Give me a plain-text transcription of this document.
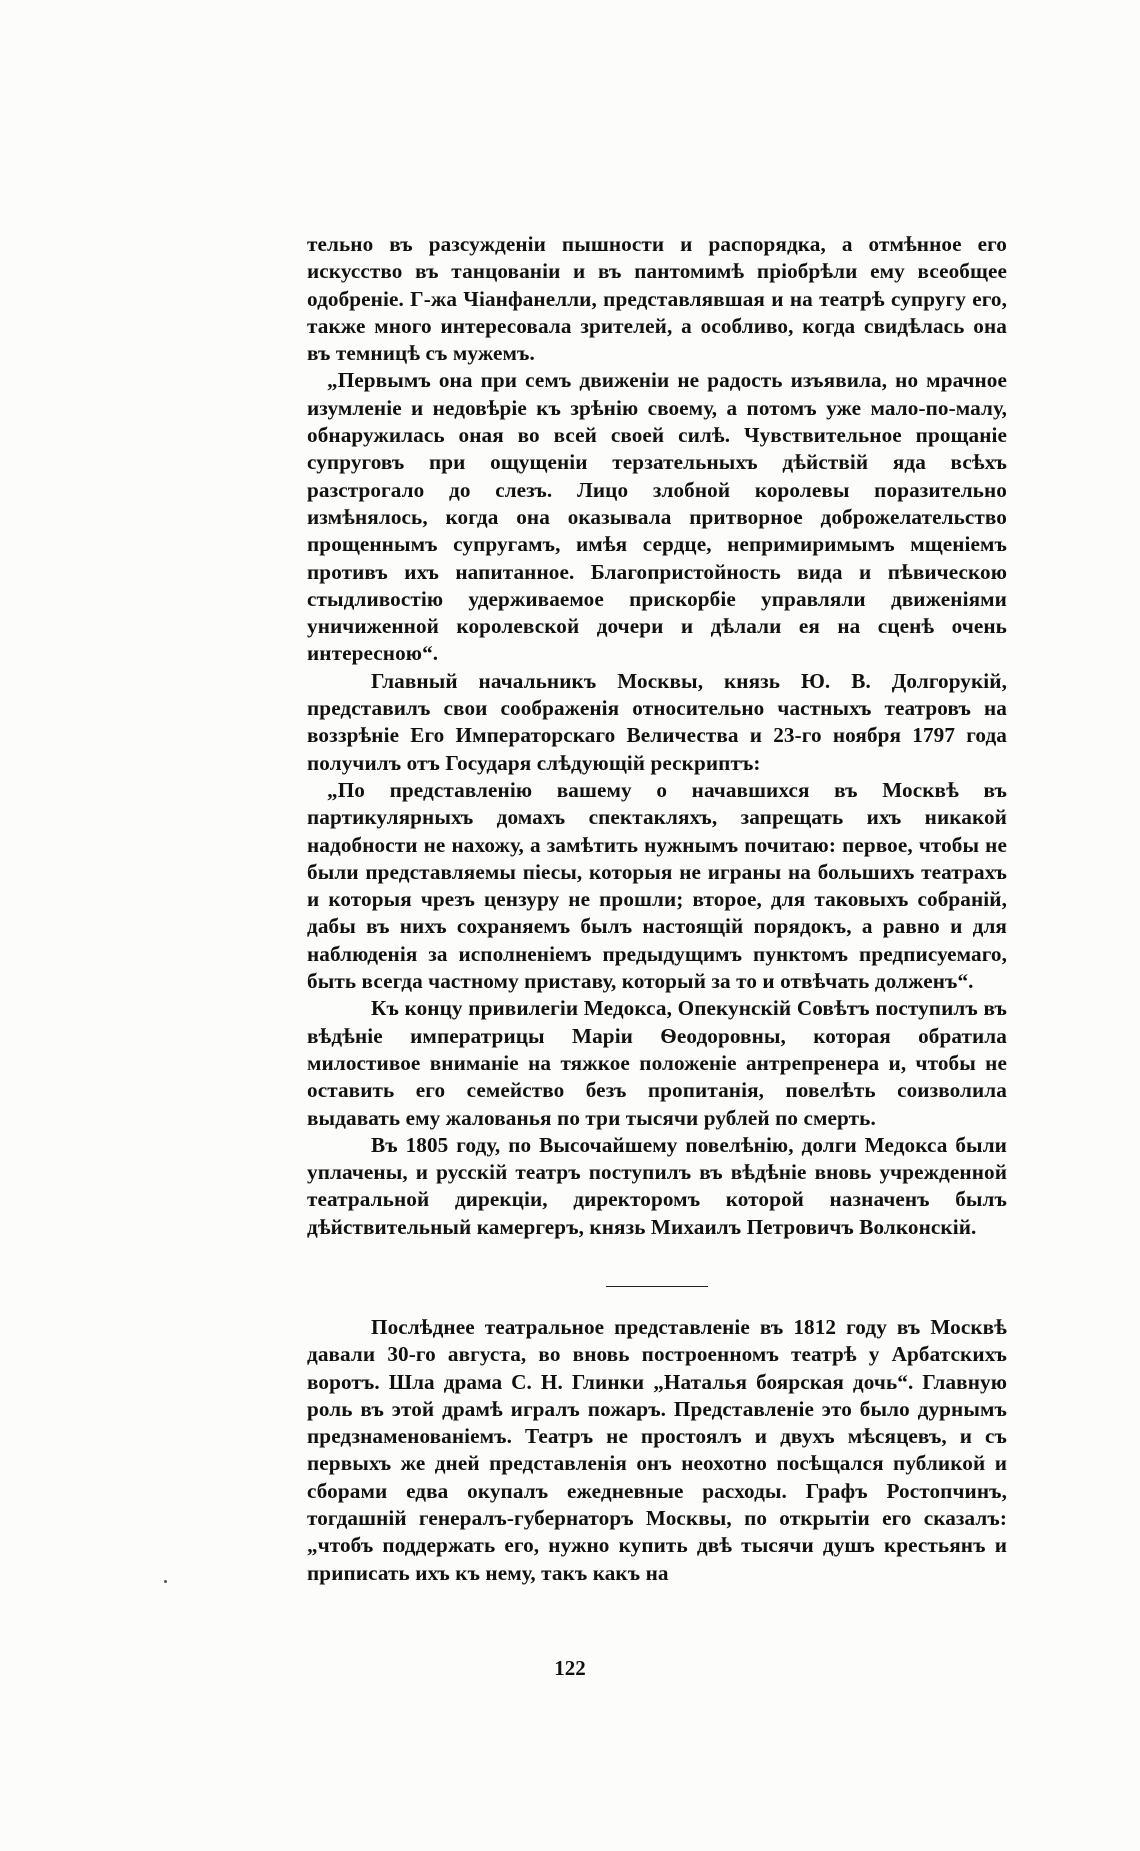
тельно въ разсужденіи пышности и распорядка, а отмѣнное его искусство въ танцованіи и въ пантомимѣ пріобрѣли ему всеобщее одобреніе. Г-жа Чіанфанелли, представлявшая и на театрѣ супругу его, также много интересовала зрителей, а особливо, когда свидѣлась она въ темницѣ съ мужемъ.

„Первымъ она при семъ движеніи не радость изъявила, но мрачное изумленіе и недовѣріе къ зрѣнію своему, а потомъ уже мало-по-малу, обнаружилась оная во всей своей силѣ. Чувствительное прощаніе супруговъ при ощущеніи терзательныхъ дѣйствій яда всѣхъ разстрогало до слезъ. Лицо злобной королевы поразительно измѣнялось, когда она оказывала притворное доброжелательство прощеннымъ супругамъ, имѣя сердце, непримиримымъ мщеніемъ противъ ихъ напитанное. Благопристойность вида и пѣвическою стыдливостію удерживаемое прискорбіе управляли движеніями уничиженной королевской дочери и дѣлали ея на сценѣ очень интересною“.

Главный начальникъ Москвы, князь Ю. В. Долгорукій, представилъ свои соображенія относительно частныхъ театровъ на воззрѣніе Его Императорскаго Величества и 23-го ноября 1797 года получилъ отъ Государя слѣдующій рескриптъ:

„По представленію вашему о начавшихся въ Москвѣ въ партикулярныхъ домахъ спектакляхъ, запрещать ихъ никакой надобности не нахожу, а замѣтить нужнымъ почитаю: первое, чтобы не были представляемы піесы, которыя не играны на большихъ театрахъ и которыя чрезъ цензуру не прошли; второе, для таковыхъ собраній, дабы въ нихъ сохраняемъ былъ настоящій порядокъ, а равно и для наблюденія за исполненіемъ предыдущимъ пунктомъ предписуемаго, быть всегда частному приставу, который за то и отвѣчать долженъ“.

Къ концу привилегіи Медокса, Опекунскій Совѣтъ поступилъ въ вѣдѣніе императрицы Маріи Ѳеодоровны, которая обратила милостивое вниманіе на тяжкое положеніе антрепренера и, чтобы не оставить его семейство безъ пропитанія, повелѣть соизволила выдавать ему жалованья по три тысячи рублей по смерть.

Въ 1805 году, по Высочайшему повелѣнію, долги Медокса были уплачены, и русскій театръ поступилъ въ вѣдѣніе вновь учрежденной театральной дирекціи, директоромъ которой назначенъ былъ дѣйствительный камергеръ, князь Михаилъ Петровичъ Волконскій.

Послѣднее театральное представленіе въ 1812 году въ Москвѣ давали 30-го августа, во вновь построенномъ театрѣ у Арбатскихъ воротъ. Шла драма С. Н. Глинки „Наталья боярская дочь“. Главную роль въ этой драмѣ игралъ пожаръ. Представленіе это было дурнымъ предзнаменованіемъ. Театръ не простоялъ и двухъ мѣсяцевъ, и съ первыхъ же дней представленія онъ неохотно посѣщался публикой и сборами едва окупалъ ежедневные расходы. Графъ Ростопчинъ, тогдашній генералъ-губернаторъ Москвы, по открытіи его сказалъ: „чтобъ поддержать его, нужно купить двѣ тысячи душъ крестьянъ и приписать ихъ къ нему, такъ какъ на

122
